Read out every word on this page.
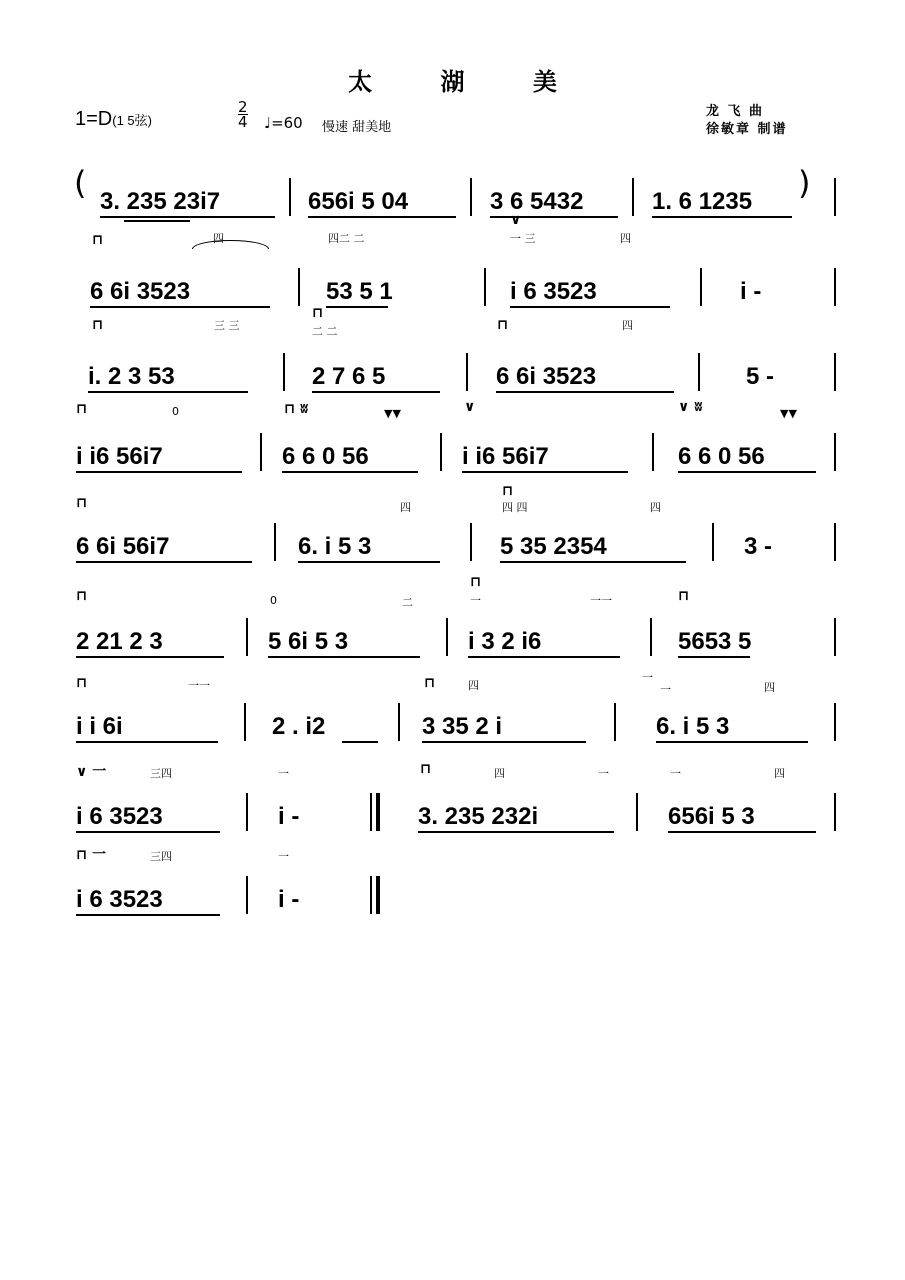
太 湖 美
1=D(1 5弦)
2
4 ♩=60 慢速 甜美地
龙 飞 曲
徐敏章 制谱
( 3. 235 23i7	656i 5 04	3 6 5432	1. 6 1235 )
⊓
6 6i 3523
四	四二 二
53 5 1
∨
一 三
i 6 3523
四
i -
⊓
i. 2 3 53
三 三
⊓
二 二
2 7 6 5
⊓
6 6i 3523
四
5 -
⊓	0
i i6 56i7
⊓ ʬ	▼▼
6 6 0 56
∨
i i6 56i7
∨ ʬ	▼▼
6 6 0 56
⊓
6 6i 56i7
四
6. i 5 3
⊓
四 四	四
5 35 2354	3 -
⊓
2 21 2 3
0	二
5 6i 5 3
⊓
一	一一
i 3 2 i6
⊓
5653 5
⊓	一一
i i 6i	2 . i2
⊓	四
3 35 2 i
一
一	四
6. i 5 3
∨ 一	三四
i 6 3523
一
i -
⊓	四	一
3. 235 232i
一	四
656i 5 3
⊓ 一	三四
i 6 3523
一
i -
